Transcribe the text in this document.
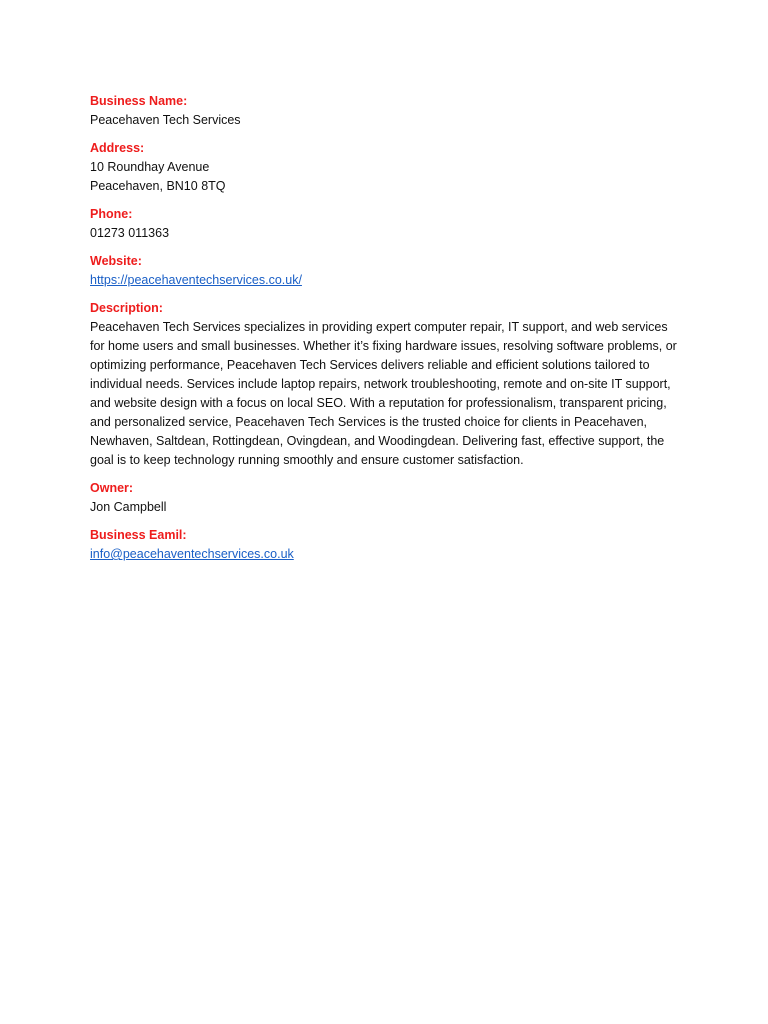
Business Name:
Peacehaven Tech Services
Address:
10 Roundhay Avenue
Peacehaven, BN10 8TQ
Phone:
01273 011363
Website:
https://peacehaventechservices.co.uk/
Description:
Peacehaven Tech Services specializes in providing expert computer repair, IT support, and web services for home users and small businesses. Whether it’s fixing hardware issues, resolving software problems, or optimizing performance, Peacehaven Tech Services delivers reliable and efficient solutions tailored to individual needs. Services include laptop repairs, network troubleshooting, remote and on-site IT support, and website design with a focus on local SEO. With a reputation for professionalism, transparent pricing, and personalized service, Peacehaven Tech Services is the trusted choice for clients in Peacehaven, Newhaven, Saltdean, Rottingdean, Ovingdean, and Woodingdean. Delivering fast, effective support, the goal is to keep technology running smoothly and ensure customer satisfaction.
Owner:
Jon Campbell
Business Eamil:
info@peacehaventechservices.co.uk
